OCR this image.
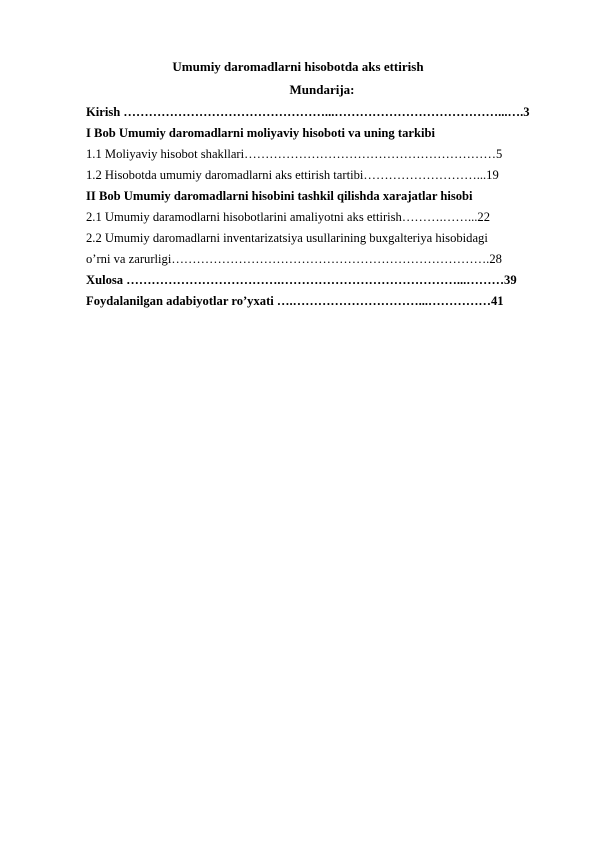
Umumiy daromadlarni hisobotda aks ettirish
Mundarija:
Kirish …………………………………………...…………………………………...….3
I Bob Umumiy daromadlarni moliyaviy hisoboti va uning tarkibi
1.1 Moliyaviy hisobot shakllari……………………………………………………5
1.2 Hisobotda umumiy daromadlarni aks ettirish tartibi………………………...19
II Bob Umumiy daromadlarni hisobini tashkil qilishda xarajatlar hisobi
2.1 Umumiy daramodlarni hisobotlarini amaliyotni aks ettirish……….……...22
2.2 Umumiy daromadlarni inventarizatsiya usullarining buxgalteriya hisobidagi
o’rni va zarurligi………………………………………………………………….28
Xulosa ……………………………….……………………………………...………39
Foydalanilgan adabiyotlar ro’yxati ….…………………………...……………41
